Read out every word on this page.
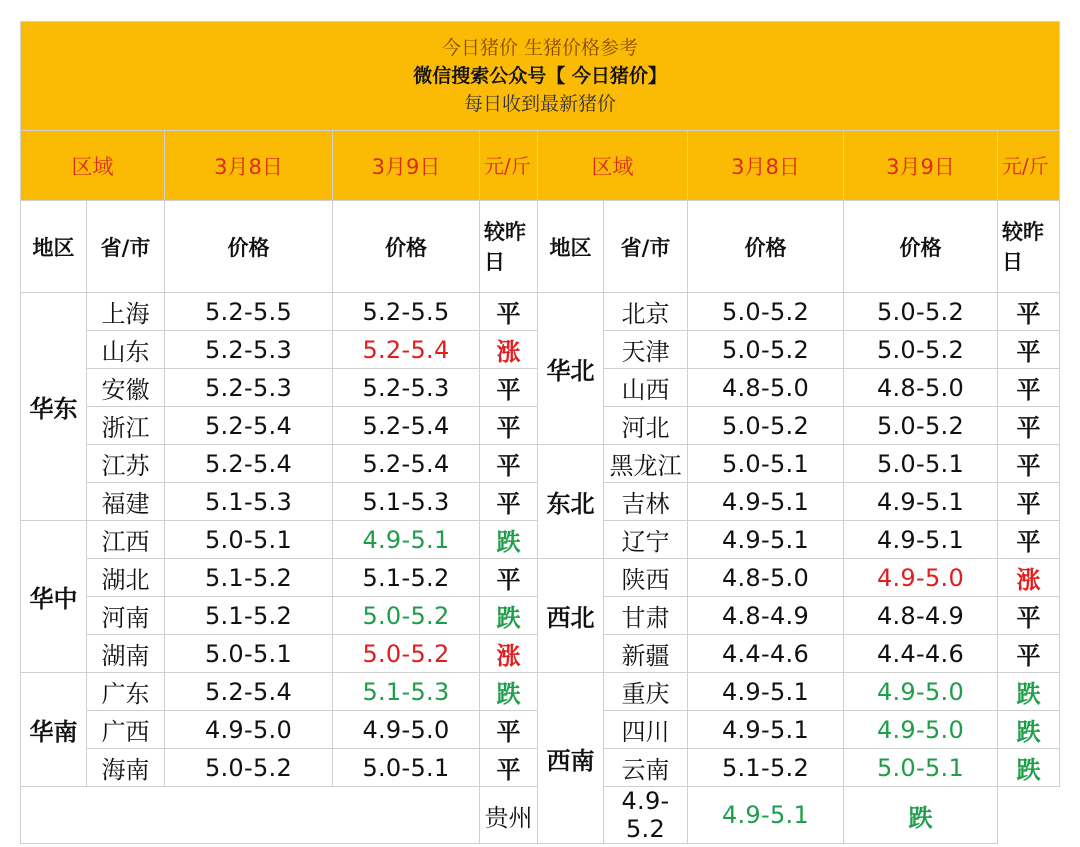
今日猪价 生猪价格参考
微信搜索公众号【 今日猪价】
每日收到最新猪价									

区域		3月8日	3月9日	元/斤	区域		3月8日	3月9日	元/斤
地区	省/市	价格	价格	较昨日	地区	省/市	价格	价格	较昨日
华东	上海	5.2-5.5	5.2-5.5	平	华北	北京	5.0-5.2	5.0-5.2	平
	山东	5.2-5.3	5.2-5.4	涨		天津	5.0-5.2	5.0-5.2	平
	安徽	5.2-5.3	5.2-5.3	平		山西	4.8-5.0	4.8-5.0	平
	浙江	5.2-5.4	5.2-5.4	平		河北	5.0-5.2	5.0-5.2	平
	江苏	5.2-5.4	5.2-5.4	平	东北	黑龙江	5.0-5.1	5.0-5.1	平
	福建	5.1-5.3	5.1-5.3	平		吉林	4.9-5.1	4.9-5.1	平
华中	江西	5.0-5.1	4.9-5.1	跌		辽宁	4.9-5.1	4.9-5.1	平
	湖北	5.1-5.2	5.1-5.2	平	西北	陕西	4.8-5.0	4.9-5.0	涨
	河南	5.1-5.2	5.0-5.2	跌		甘肃	4.8-4.9	4.8-4.9	平
	湖南	5.0-5.1	5.0-5.2	涨		新疆	4.4-4.6	4.4-4.6	平
华南	广东	5.2-5.4	5.1-5.3	跌	西南	重庆	4.9-5.1	4.9-5.0	跌
	广西	4.9-5.0	4.9-5.0	平		四川	4.9-5.1	4.9-5.0	跌
	海南	5.0-5.2	5.0-5.1	平		云南	5.1-5.2	5.0-5.1	跌
				贵州		4.9-5.2	4.9-5.1	跌	
